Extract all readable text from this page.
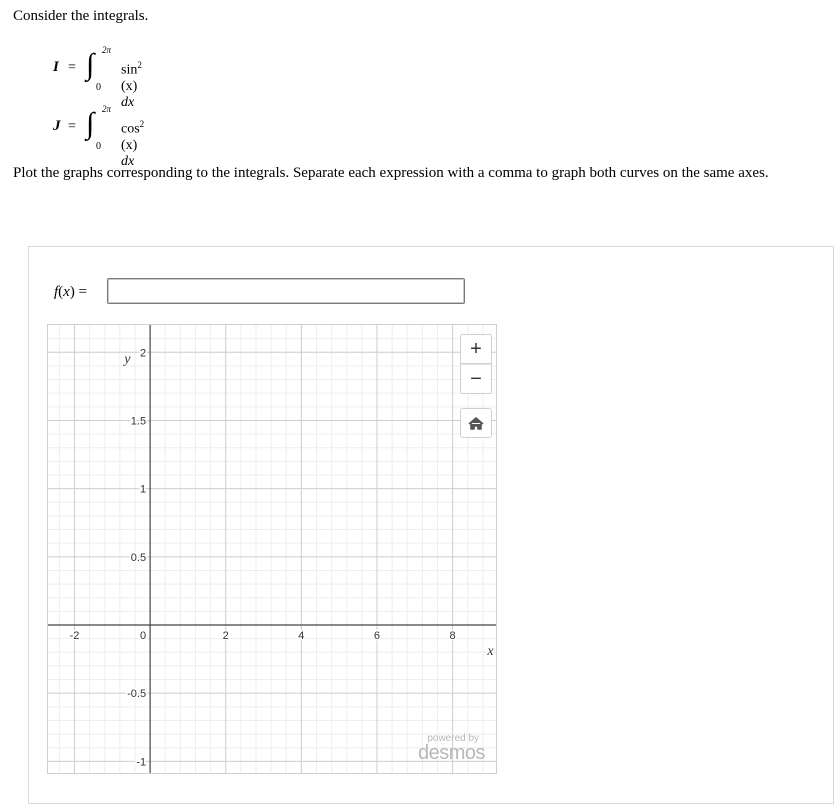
Consider the integrals.
I = ∫ 2π
0
$\sin^2 (x)$ dx
J = ∫ 2π
0
$\cos^2 (x)$ dx
Plot the graphs corresponding to the integrals. Separate each expression with a comma to graph both curves on the same axes.
f(x) =
-2	2	4	6	8
0
2
1.5
1
0.5
-0.5
-1
x
y	+
−
powered by
desmos
